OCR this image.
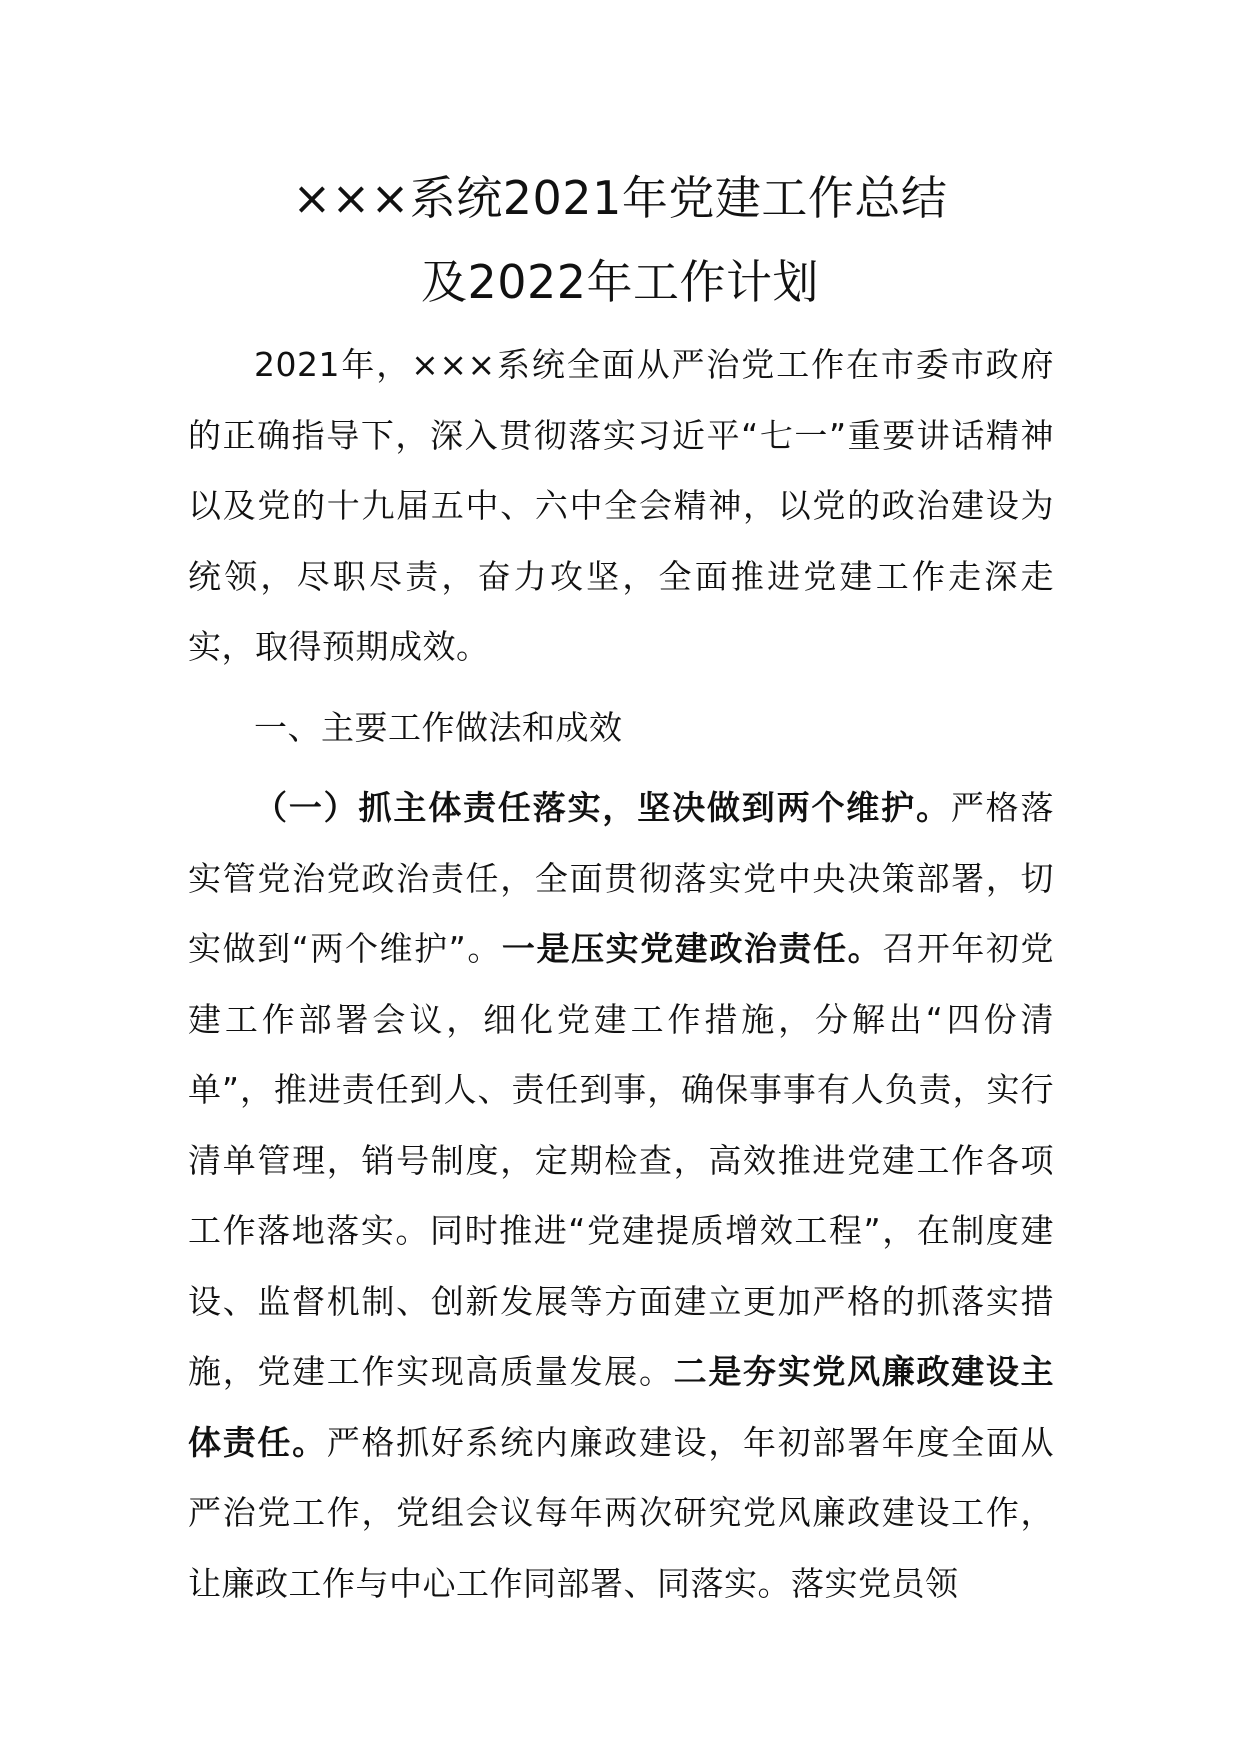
×××系统2021年党建工作总结
及2022年工作计划

2021年，×××系统全面从严治党工作在市委市政府的正确指导下，深入贯彻落实习近平“七一”重要讲话精神以及党的十九届五中、六中全会精神，以党的政治建设为统领，尽职尽责，奋力攻坚，全面推进党建工作走深走实，取得预期成效。

一、主要工作做法和成效

（一）抓主体责任落实，坚决做到两个维护。严格落实管党治党政治责任，全面贯彻落实党中央决策部署，切实做到“两个维护”。一是压实党建政治责任。召开年初党建工作部署会议，细化党建工作措施，分解出“四份清单”，推进责任到人、责任到事，确保事事有人负责，实行清单管理，销号制度，定期检查，高效推进党建工作各项工作落地落实。同时推进“党建提质增效工程”，在制度建设、监督机制、创新发展等方面建立更加严格的抓落实措施，党建工作实现高质量发展。二是夯实党风廉政建设主体责任。严格抓好系统内廉政建设，年初部署年度全面从严治党工作，党组会议每年两次研究党风廉政建设工作，让廉政工作与中心工作同部署、同落实。落实党员领
